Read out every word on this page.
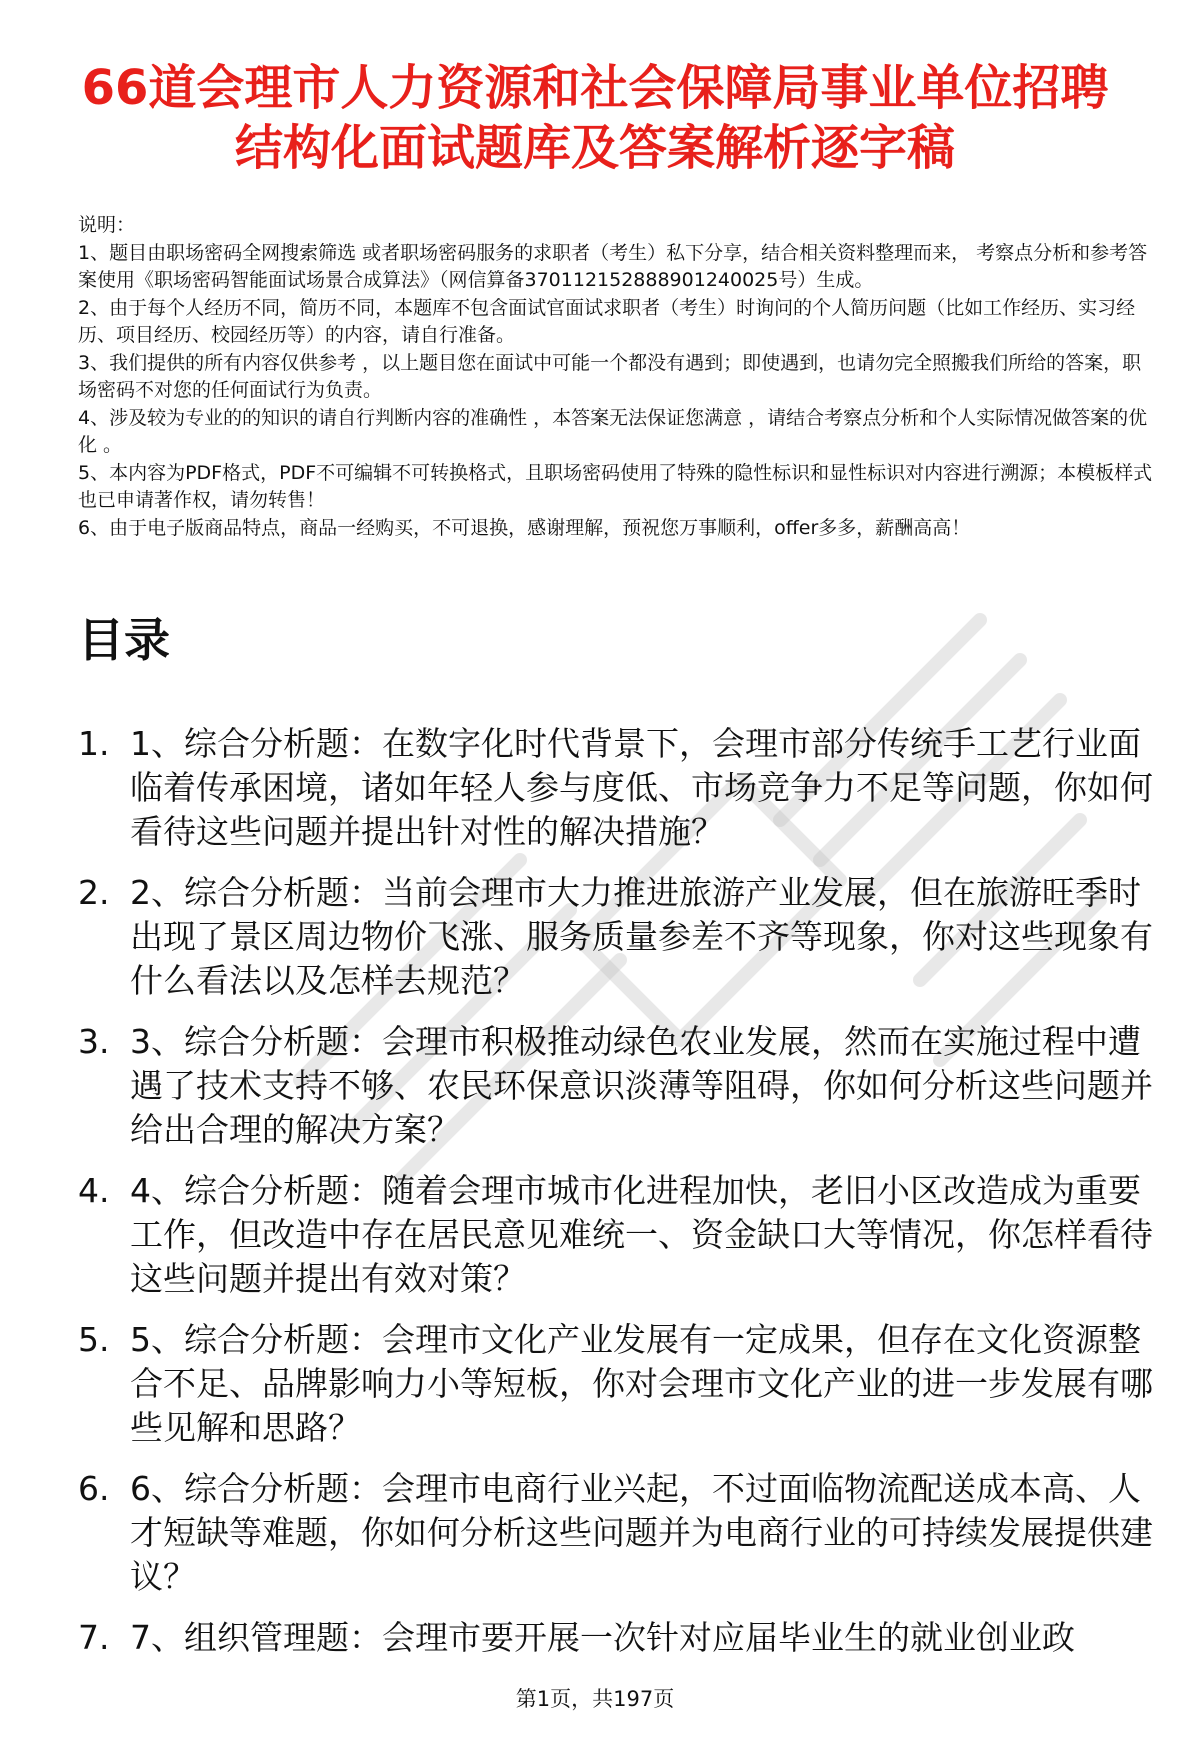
66道会理市人力资源和社会保障局事业单位招聘结构化面试题库及答案解析逐字稿

说明：

1、题目由职场密码全网搜索筛选 或者职场密码服务的求职者（考生）私下分享，结合相关资料整理而来， 考察点分析和参考答案使用《职场密码智能面试场景合成算法》（网信算备370112152888901240025号）生成。

2、由于每个人经历不同，简历不同，本题库不包含面试官面试求职者（考生）时询问的个人简历问题（比如工作经历、实习经历、项目经历、校园经历等）的内容，请自行准备。

3、我们提供的所有内容仅供参考 ，以上题目您在面试中可能一个都没有遇到；即使遇到，也请勿完全照搬我们所给的答案，职场密码不对您的任何面试行为负责。

4、涉及较为专业的的知识的请自行判断内容的准确性 ，本答案无法保证您满意 ，请结合考察点分析和个人实际情况做答案的优化 。

5、本内容为PDF格式，PDF不可编辑不可转换格式，且职场密码使用了特殊的隐性标识和显性标识对内容进行溯源；本模板样式也已申请著作权，请勿转售！

6、由于电子版商品特点，商品一经购买，不可退换，感谢理解，预祝您万事顺利，offer多多，薪酬高高！

目录
1. 1、综合分析题：在数字化时代背景下，会理市部分传统手工艺行业面临着传承困境，诸如年轻人参与度低、市场竞争力不足等问题，你如何看待这些问题并提出针对性的解决措施？
2. 2、综合分析题：当前会理市大力推进旅游产业发展，但在旅游旺季时出现了景区周边物价飞涨、服务质量参差不齐等现象，你对这些现象有什么看法以及怎样去规范？
3. 3、综合分析题：会理市积极推动绿色农业发展，然而在实施过程中遭遇了技术支持不够、农民环保意识淡薄等阻碍，你如何分析这些问题并给出合理的解决方案？
4. 4、综合分析题：随着会理市城市化进程加快，老旧小区改造成为重要工作，但改造中存在居民意见难统一、资金缺口大等情况，你怎样看待这些问题并提出有效对策？
5. 5、综合分析题：会理市文化产业发展有一定成果，但存在文化资源整合不足、品牌影响力小等短板，你对会理市文化产业的进一步发展有哪些见解和思路？
6. 6、综合分析题：会理市电商行业兴起，不过面临物流配送成本高、人才短缺等难题，你如何分析这些问题并为电商行业的可持续发展提供建议？
7. 7、组织管理题：会理市要开展一次针对应届毕业生的就业创业政
第1页，共197页
